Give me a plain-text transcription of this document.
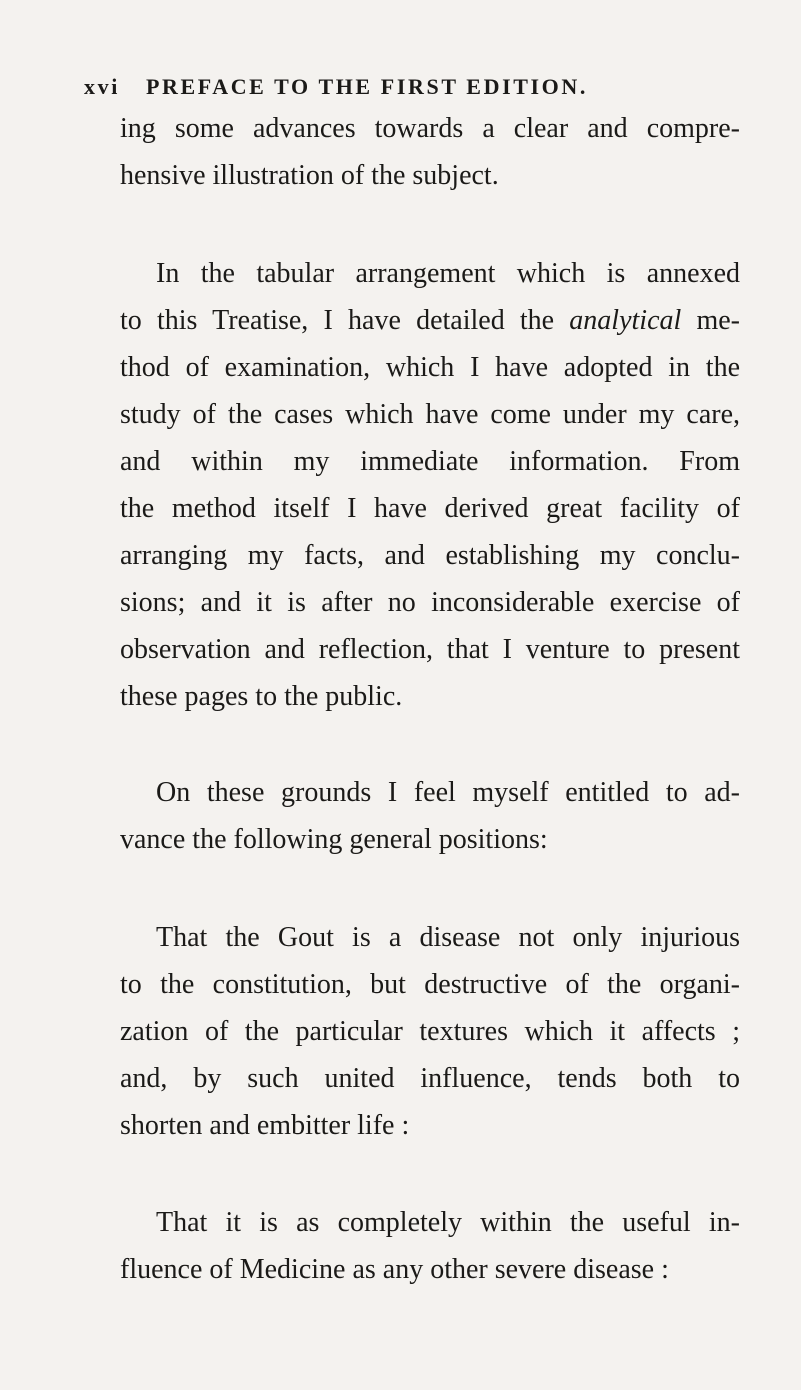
xvi PREFACE TO THE FIRST EDITION.
ing some advances towards a clear and compre-
hensive illustration of the subject.
In the tabular arrangement which is annexed
to this Treatise, I have detailed the analytical me-
thod of examination, which I have adopted in the
study of the cases which have come under my care,
and within my immediate information. From
the method itself I have derived great facility of
arranging my facts, and establishing my conclu-
sions; and it is after no inconsiderable exercise of
observation and reflection, that I venture to present
these pages to the public.
On these grounds I feel myself entitled to ad-
vance the following general positions:
That the Gout is a disease not only injurious
to the constitution, but destructive of the organi-
zation of the particular textures which it affects ;
and, by such united influence, tends both to
shorten and embitter life :
That it is as completely within the useful in-
fluence of Medicine as any other severe disease :
